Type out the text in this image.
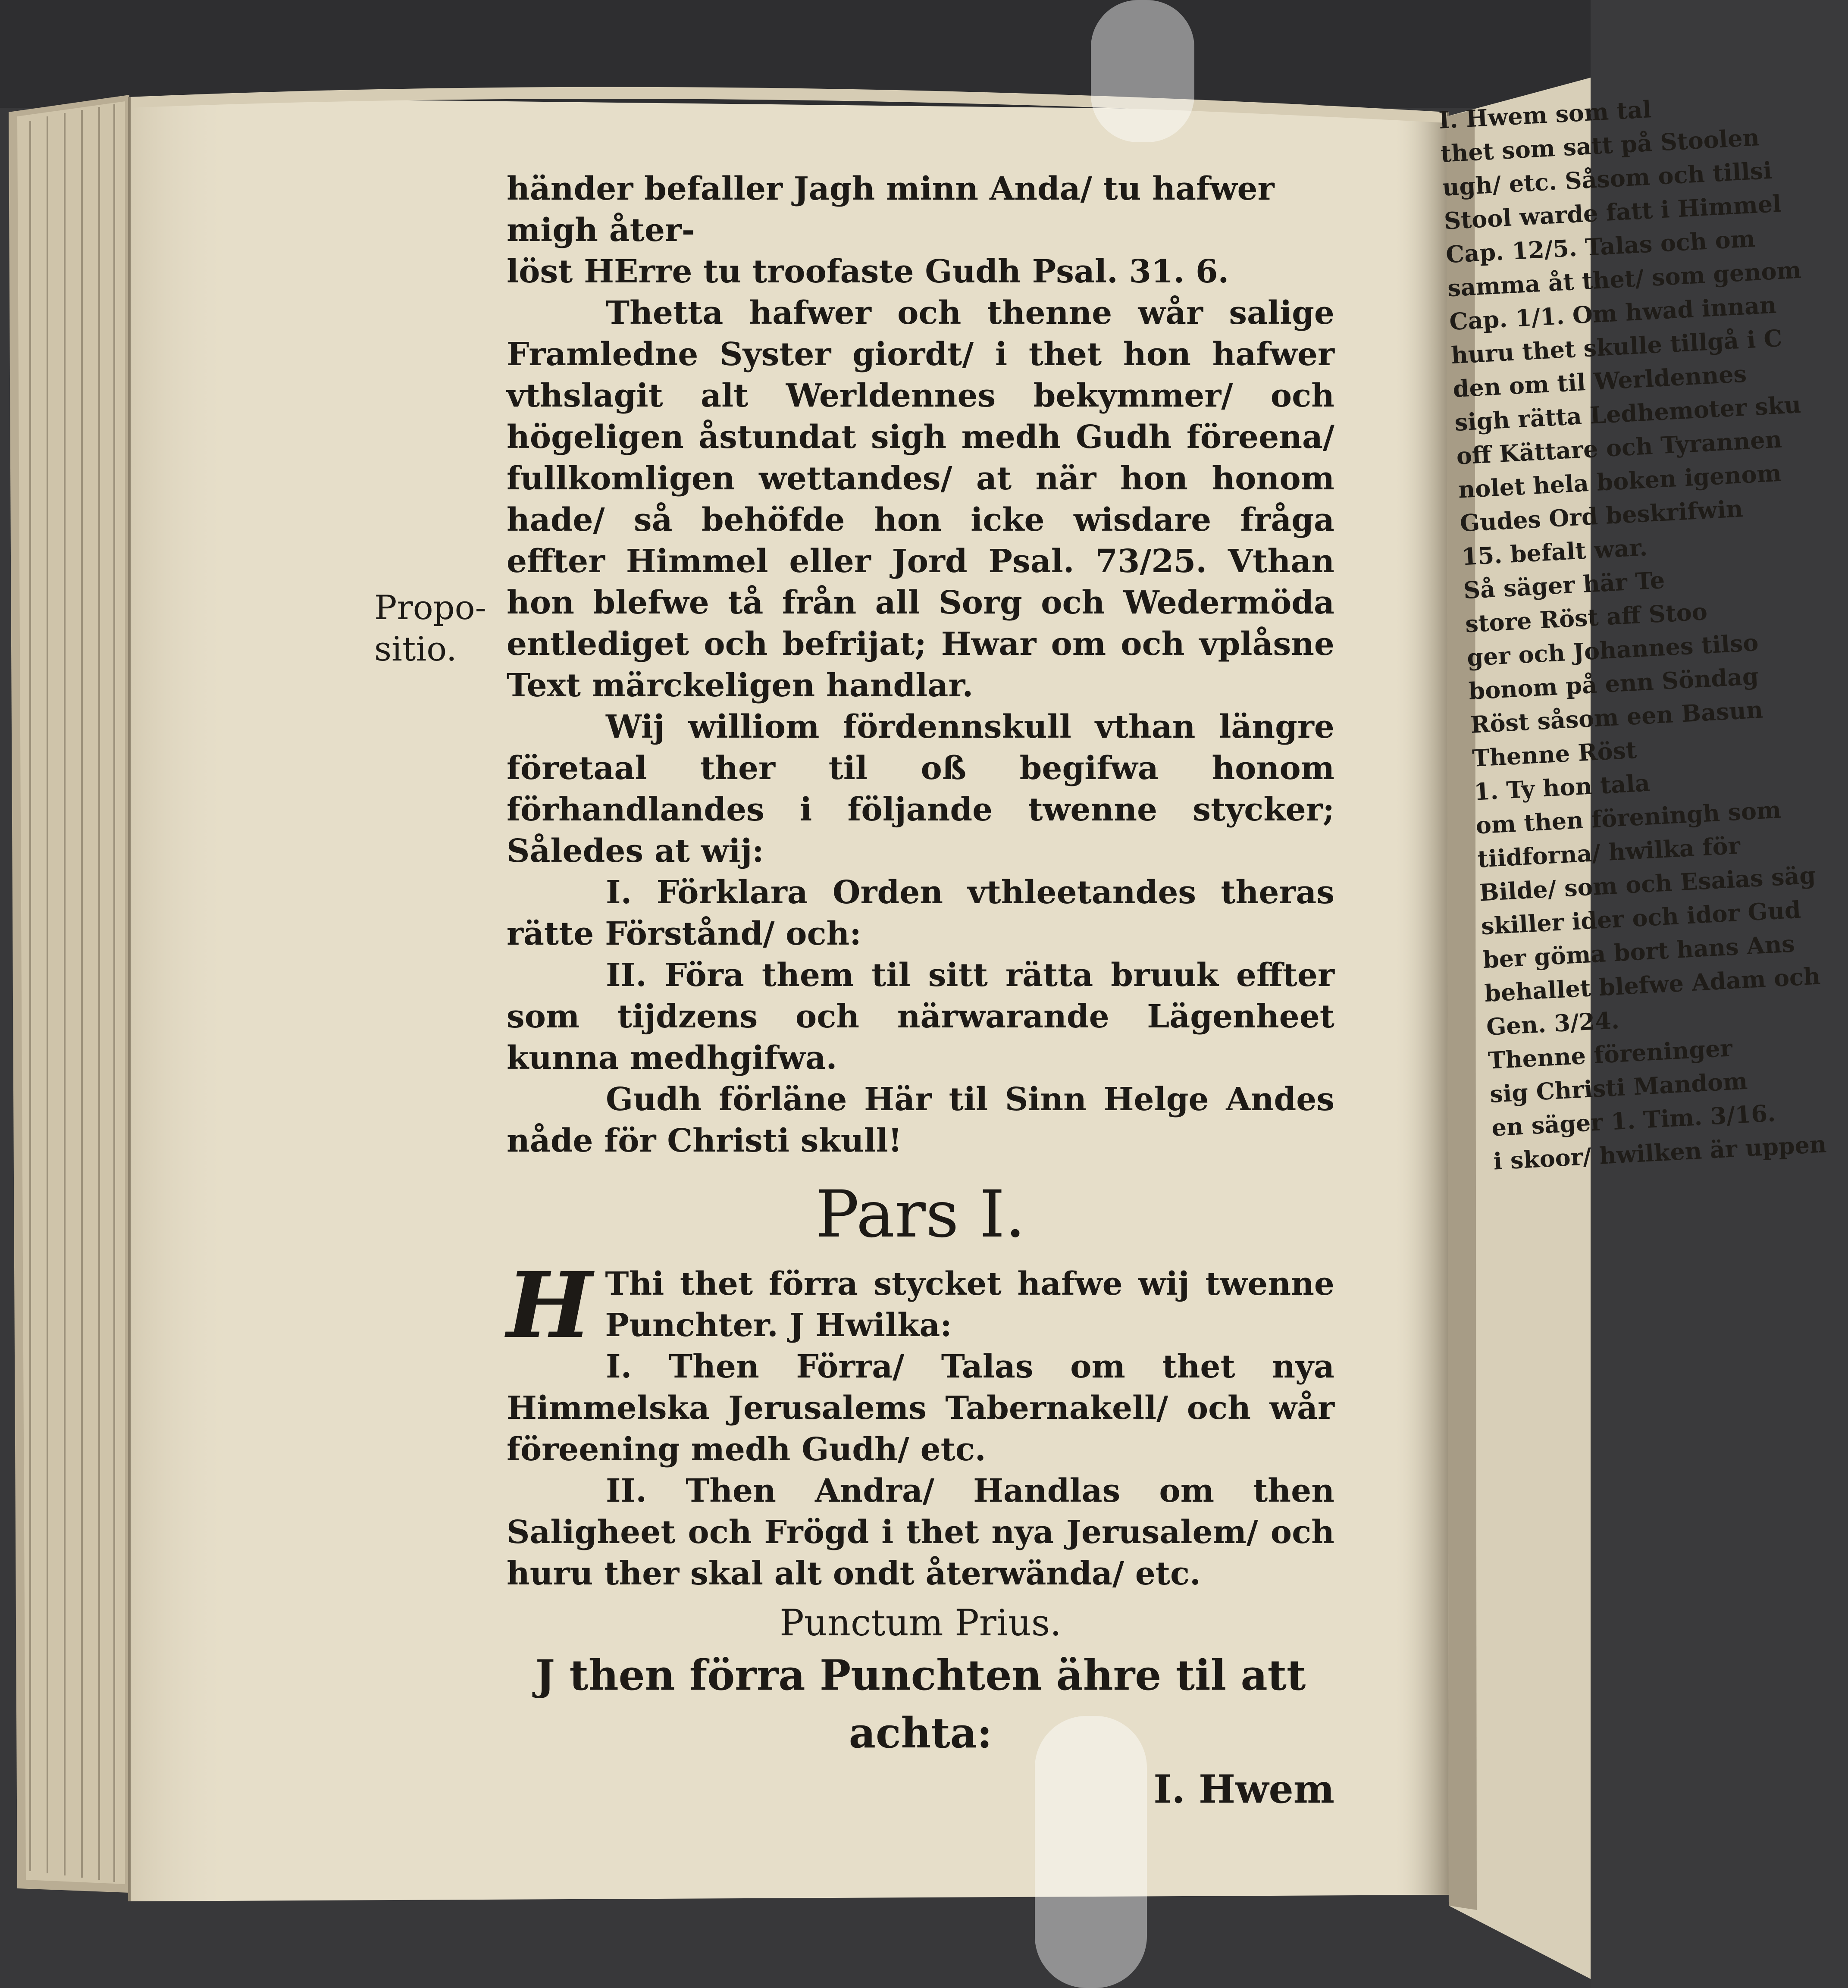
Propo-
sitio.

händer befaller Jagh minn Anda/ tu hafwer migh åter-

löst HErre tu troofaste Gudh Psal. 31. 6.

Thetta hafwer och thenne wår salige Framledne Syster giordt/ i thet hon hafwer vthslagit alt Werldennes bekymmer/ och högeligen åstundat sigh medh Gudh föreena/ fullkomligen wettandes/ at när hon honom hade/ så behöfde hon icke wisdare fråga effter Himmel eller Jord Psal. 73/25. Vthan hon blefwe tå från all Sorg och Wedermöda entlediget och befrijat; Hwar om och vplåsne Text märckeligen handlar.

Wij williom fördennskull vthan längre företaal ther til oß begifwa honom förhandlandes i följande twenne stycker; Således at wij:

I. Förklara Orden vthleetandes theras rätte Förstånd/ och:

II. Föra them til sitt rätta bruuk effter som tijdzens och närwarande Lägenheet kunna medhgifwa.

Gudh förläne Här til Sinn Helge Andes nåde för Christi skull!

Pars I.

H Thi thet förra stycket hafwe wij twenne Punchter. J Hwilka:

I. Then Förra/ Talas om thet nya Himmelska Jerusalems Tabernakell/ och wår föreening medh Gudh/ etc.

II. Then Andra/ Handlas om then Saligheet och Frögd i thet nya Jerusalem/ och huru ther skal alt ondt återwända/ etc.

Punctum Prius.
J then förra Punchten ähre til att
achta:
I. Hwem
I. Hwem som tal
thet som satt på Stoolen
ugh/ etc. Såsom och tillsi
Stool warde fatt i Himmel
Cap. 12/5. Talas och om
samma åt thet/ som genom
Cap. 1/1. Om hwad innan
huru thet skulle tillgå i C
den om til Werldennes
sigh rätta Ledhemoter sku
off Kättare och Tyrannen
nolet hela boken igenom
Gudes Ord beskrifwin
15. befalt war.
Så säger här Te
store Röst aff Stoo
ger och Johannes tilso
bonom på enn Söndag
Röst såsom een Basun
Thenne Röst
1. Ty hon tala
om then föreningh som
tiidforna/ hwilka för
Bilde/ som och Esaias säg
skiller ider och idor Gud
ber göma bort hans Ans
behallet blefwe Adam och
Gen. 3/24.
Thenne föreninger
sig Christi Mandom
en säger 1. Tim. 3/16.
i skoor/ hwilken är uppen
